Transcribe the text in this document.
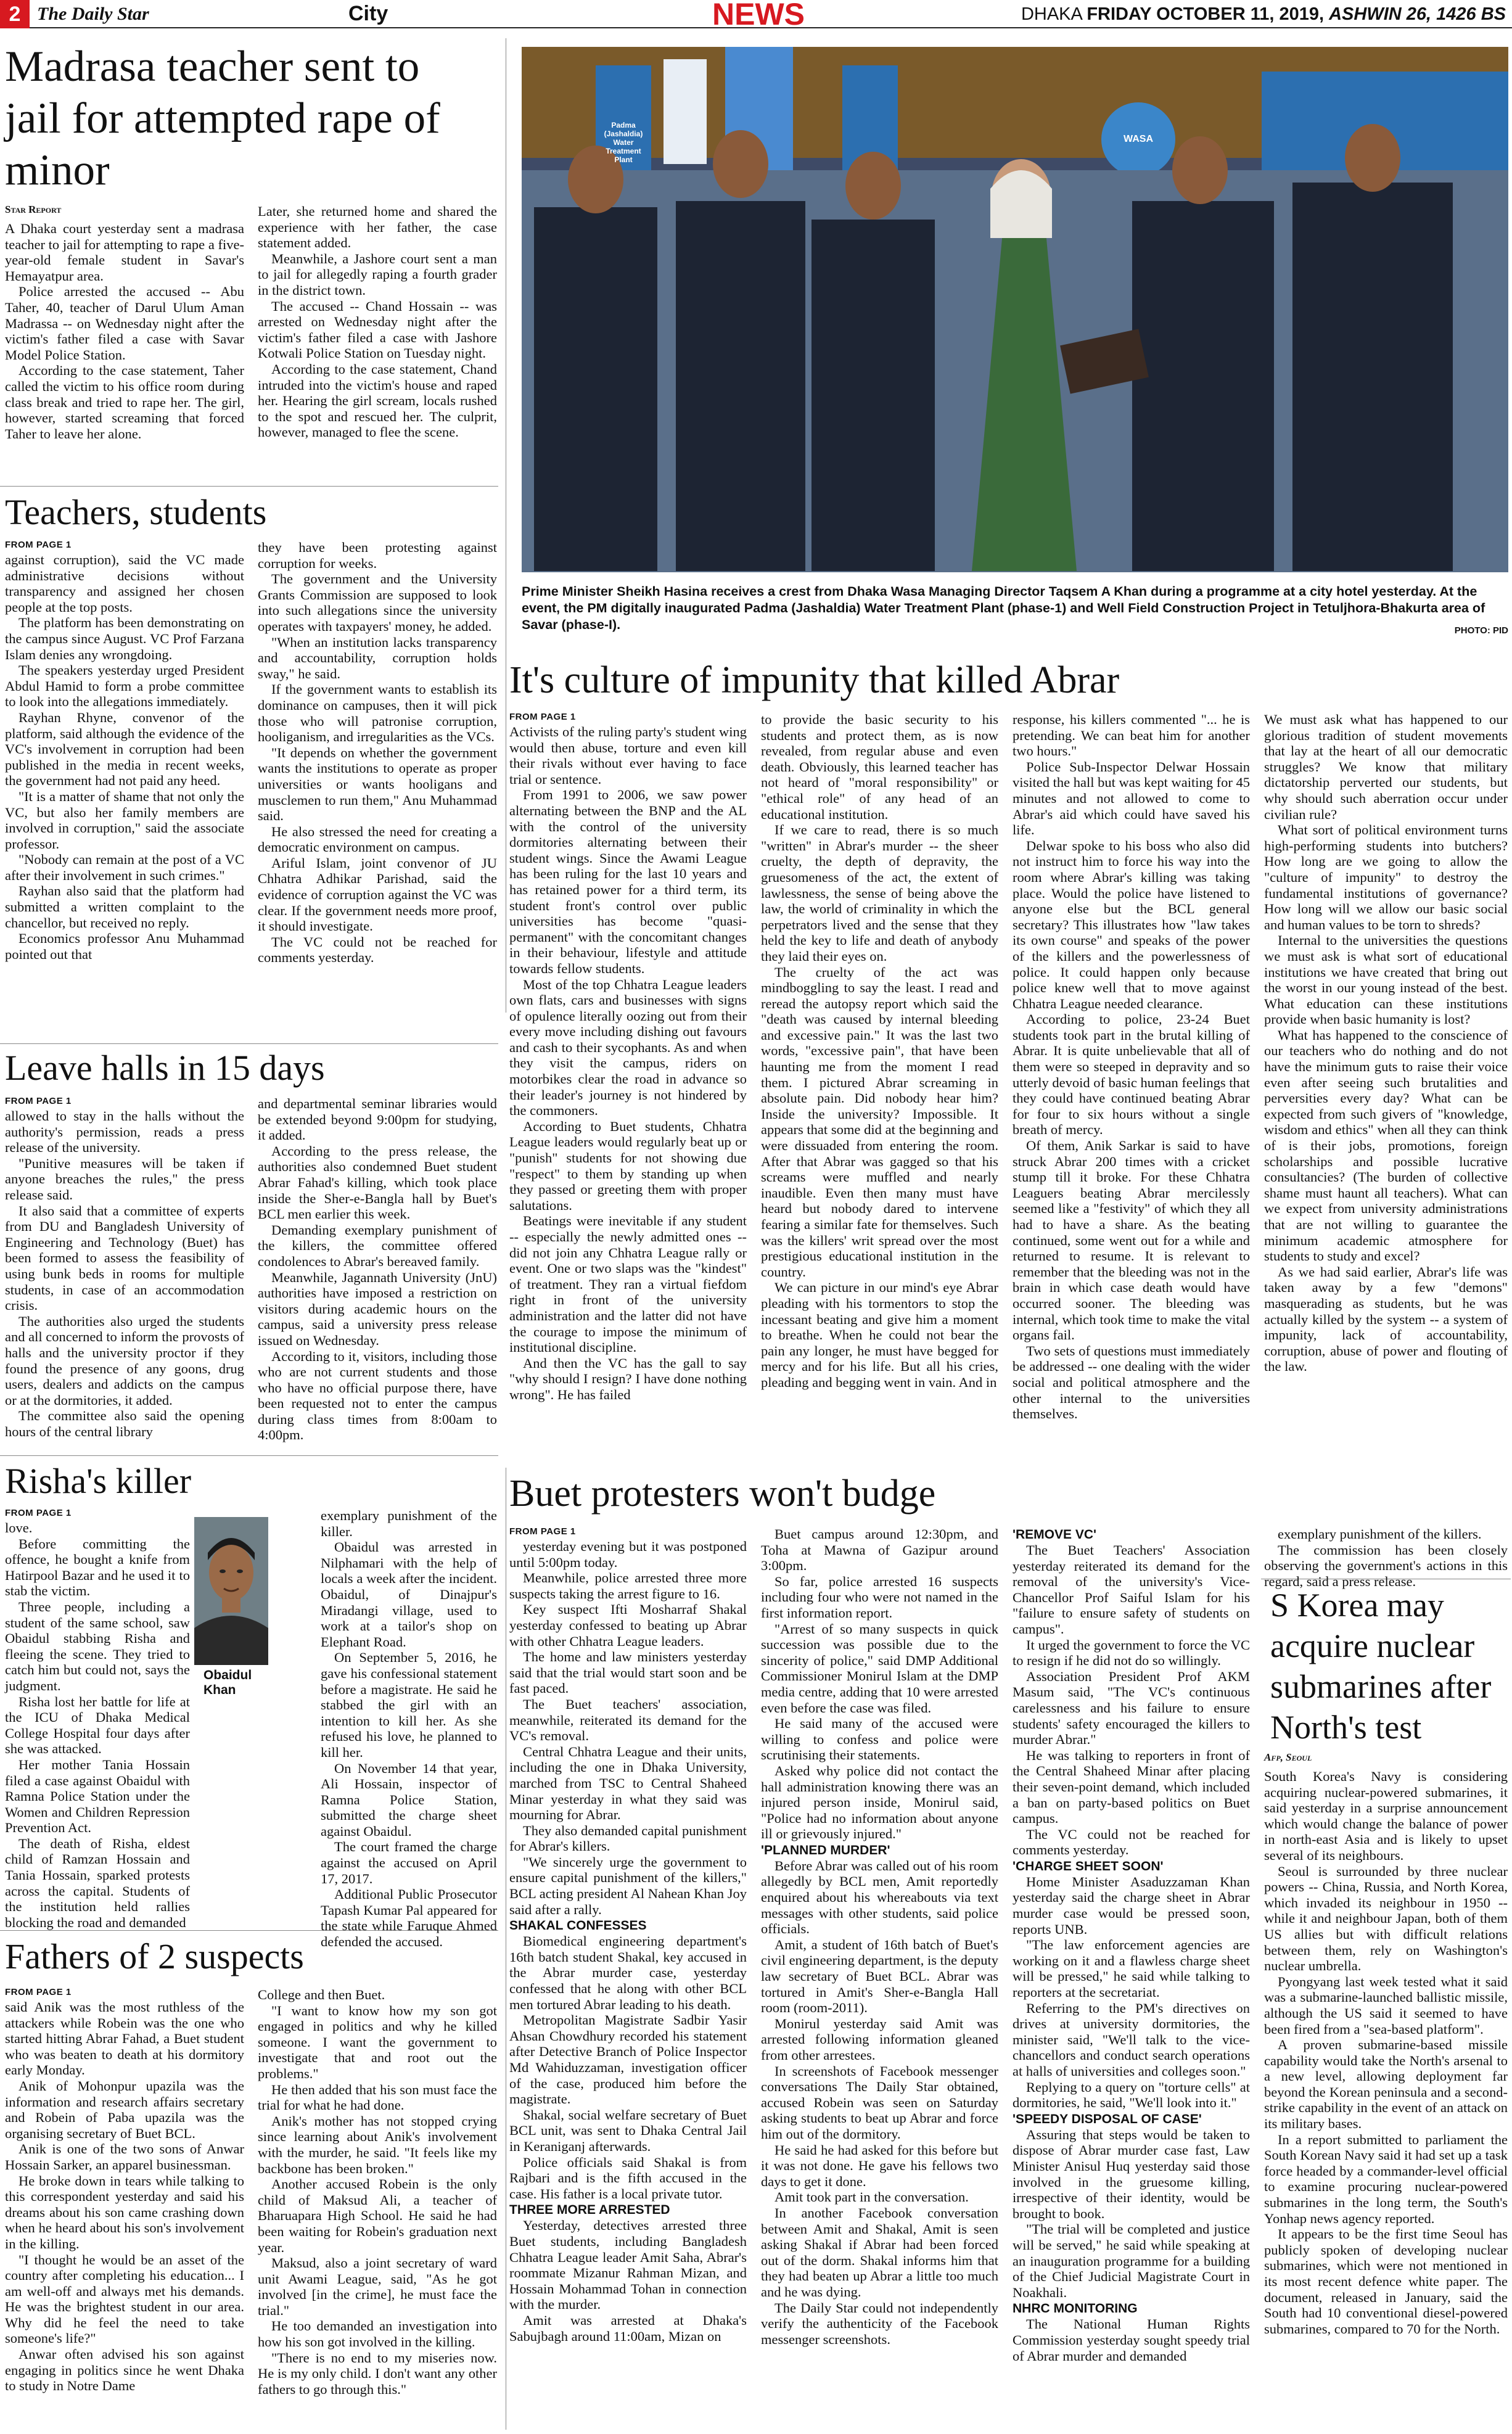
2 The Daily Star	City	NEWS	DHAKA FRIDAY OCTOBER 11, 2019, ASHWIN 26, 1426 BS
Madrasa teacher sent to jail for attempted rape of minor
Star Report

A Dhaka court yesterday sent a madrasa teacher to jail for attempting to rape a five-year-old female student in Savar's Hemayatpur area.

Police arrested the accused -- Abu Taher, 40, teacher of Darul Ulum Aman Madrassa -- on Wednesday night after the victim's father filed a case with Savar Model Police Station.

According to the case statement, Taher called the victim to his office room during class break and tried to rape her. The girl, however, started screaming that forced Taher to leave her alone.

Later, she returned home and shared the experience with her father, the case statement added.

Meanwhile, a Jashore court sent a man to jail for allegedly raping a fourth grader in the district town.

The accused -- Chand Hossain -- was arrested on Wednesday night after the victim's father filed a case with Jashore Kotwali Police Station on Tuesday night.

According to the case statement, Chand intruded into the victim's house and raped her. Hearing the girl scream, locals rushed to the spot and rescued her. The culprit, however, managed to flee the scene.

Teachers, students
FROM PAGE 1

against corruption), said the VC made administrative decisions without transparency and assigned her chosen people at the top posts.

The platform has been demonstrating on the campus since August. VC Prof Farzana Islam denies any wrongdoing.

The speakers yesterday urged President Abdul Hamid to form a probe committee to look into the allegations immediately.

Rayhan Rhyne, convenor of the platform, said although the evidence of the VC's involvement in corruption had been published in the media in recent weeks, the government had not paid any heed.

"It is a matter of shame that not only the VC, but also her family members are involved in corruption," said the associate professor.

"Nobody can remain at the post of a VC after their involvement in such crimes."

Rayhan also said that the platform had submitted a written complaint to the chancellor, but received no reply.

Economics professor Anu Muhammad pointed out that

they have been protesting against corruption for weeks.

The government and the University Grants Commission are supposed to look into such allegations since the university operates with taxpayers' money, he added.

"When an institution lacks transparency and accountability, corruption holds sway," he said.

If the government wants to establish its dominance on campuses, then it will pick those who will patronise corruption, hooliganism, and irregularities as the VCs.

"It depends on whether the government wants the institutions to operate as proper universities or wants hooligans and musclemen to run them," Anu Muhammad said.

He also stressed the need for creating a democratic environment on campus.

Ariful Islam, joint convenor of JU Chhatra Adhikar Parishad, said the evidence of corruption against the VC was clear. If the government needs more proof, it should investigate.

The VC could not be reached for comments yesterday.

Leave halls in 15 days
FROM PAGE 1

allowed to stay in the halls without the authority's permission, reads a press release of the university.

"Punitive measures will be taken if anyone breaches the rules," the press release said.

It also said that a committee of experts from DU and Bangladesh University of Engineering and Technology (Buet) has been formed to assess the feasibility of using bunk beds in rooms for multiple students, in case of an accommodation crisis.

The authorities also urged the students and all concerned to inform the provosts of halls and the university proctor if they found the presence of any goons, drug users, dealers and addicts on the campus or at the dormitories, it added.

The committee also said the opening hours of the central library

and departmental seminar libraries would be extended beyond 9:00pm for studying, it added.

According to the press release, the authorities also condemned Buet student Abrar Fahad's killing, which took place inside the Sher-e-Bangla hall by Buet's BCL men earlier this week.

Demanding exemplary punishment of the killers, the committee offered condolences to Abrar's bereaved family.

Meanwhile, Jagannath University (JnU) authorities have imposed a restriction on visitors during academic hours on the campus, said a university press release issued on Wednesday.

According to it, visitors, including those who are not current students and those who have no official purpose there, have been requested not to enter the campus during class times from 8:00am to 4:00pm.

Risha's killer
Obaidul Khan
FROM PAGE 1

love.

Before committing the offence, he bought a knife from Hatirpool Bazar and he used it to stab the victim.

Three people, including a student of the same school, saw Obaidul stabbing Risha and fleeing the scene. They tried to catch him but could not, says the judgment.

Risha lost her battle for life at the ICU of Dhaka Medical College Hospital four days after she was attacked.

Her mother Tania Hossain filed a case against Obaidul with Ramna Police Station under the Women and Children Repression Prevention Act.

The death of Risha, eldest child of Ramzan Hossain and Tania Hossain, sparked protests across the capital. Students of the institution held rallies blocking the road and demanded

exemplary punishment of the killer.

Obaidul was arrested in Nilphamari with the help of locals a week after the incident. Obaidul, of Dinajpur's Miradangi village, used to work at a tailor's shop on Elephant Road.

On September 5, 2016, he gave his confessional statement before a magistrate. He said he stabbed the girl with an intention to kill her. As she refused his love, he planned to kill her.

On November 14 that year, Ali Hossain, inspector of Ramna Police Station, submitted the charge sheet against Obaidul.

The court framed the charge against the accused on April 17, 2017.

Additional Public Prosecutor Tapash Kumar Pal appeared for the state while Faruque Ahmed defended the accused.

Fathers of 2 suspects
FROM PAGE 1

said Anik was the most ruthless of the attackers while Robein was the one who started hitting Abrar Fahad, a Buet student who was beaten to death at his dormitory early Monday.

Anik of Mohonpur upazila was the information and research affairs secretary and Robein of Paba upazila was the organising secretary of Buet BCL.

Anik is one of the two sons of Anwar Hossain Sarker, an apparel businessman.

He broke down in tears while talking to this correspondent yesterday and said his dreams about his son came crashing down when he heard about his son's involvement in the killing.

"I thought he would be an asset of the country after completing his education... I am well-off and always met his demands. He was the brightest student in our area. Why did he feel the need to take someone's life?"

Anwar often advised his son against engaging in politics since he went Dhaka to study in Notre Dame

College and then Buet.

"I want to know how my son got engaged in politics and why he killed someone. I want the government to investigate that and root out the problems."

He then added that his son must face the trial for what he had done.

Anik's mother has not stopped crying since learning about Anik's involvement with the murder, he said. "It feels like my backbone has been broken."

Another accused Robein is the only child of Maksud Ali, a teacher of Bharuapara High School. He said he had been waiting for Robein's graduation next year.

Maksud, also a joint secretary of ward unit Awami League, said, "As he got involved [in the crime], he must face the trial."

He too demanded an investigation into how his son got involved in the killing.

"There is no end to my miseries now. He is my only child. I don't want any other fathers to go through this."

Padma (Jashaldia) Water Treatment Plant
WASA
Prime Minister Sheikh Hasina receives a crest from Dhaka Wasa Managing Director Taqsem A Khan during a programme at a city hotel yesterday. At the event, the PM digitally inaugurated Padma (Jashaldia) Water Treatment Plant (phase-1) and Well Field Construction Project in Tetuljhora-Bhakurta area of Savar (phase-I).	PHOTO: PID
It's culture of impunity that killed Abrar
FROM PAGE 1

Activists of the ruling party's student wing would then abuse, torture and even kill their rivals without ever having to face trial or sentence.

From 1991 to 2006, we saw power alternating between the BNP and the AL with the control of the university dormitories alternating between their student wings. Since the Awami League has been ruling for the last 10 years and has retained power for a third term, its student front's control over public universities has become "quasi-permanent" with the concomitant changes in their behaviour, lifestyle and attitude towards fellow students.

Most of the top Chhatra League leaders own flats, cars and businesses with signs of opulence literally oozing out from their every move including dishing out favours and cash to their sycophants. As and when they visit the campus, riders on motorbikes clear the road in advance so their leader's journey is not hindered by the commoners.

According to Buet students, Chhatra League leaders would regularly beat up or "punish" students for not showing due "respect" to them by standing up when they passed or greeting them with proper salutations.

Beatings were inevitable if any student -- especially the newly admitted ones -- did not join any Chhatra League rally or event. One or two slaps was the "kindest" of treatment. They ran a virtual fiefdom right in front of the university administration and the latter did not have the courage to impose the minimum of institutional discipline.

And then the VC has the gall to say "why should I resign? I have done nothing wrong". He has failed

to provide the basic security to his students and protect them, as is now revealed, from regular abuse and even death. Obviously, this learned teacher has not heard of "moral responsibility" or "ethical role" of any head of an educational institution.

If we care to read, there is so much "written" in Abrar's murder -- the sheer cruelty, the depth of depravity, the gruesomeness of the act, the extent of lawlessness, the sense of being above the law, the world of criminality in which the perpetrators lived and the sense that they held the key to life and death of anybody they laid their eyes on.

The cruelty of the act was mindboggling to say the least. I read and reread the autopsy report which said the "death was caused by internal bleeding and excessive pain." It was the last two words, "excessive pain", that have been haunting me from the moment I read them. I pictured Abrar screaming in absolute pain. Did nobody hear him? Inside the university? Impossible. It appears that some did at the beginning and were dissuaded from entering the room. After that Abrar was gagged so that his screams were muffled and nearly inaudible. Even then many must have heard but nobody dared to intervene fearing a similar fate for themselves. Such was the killers' writ spread over the most prestigious educational institution in the country.

We can picture in our mind's eye Abrar pleading with his tormentors to stop the incessant beating and give him a moment to breathe. When he could not bear the pain any longer, he must have begged for mercy and for his life. But all his cries, pleading and begging went in vain. And in

response, his killers commented "... he is pretending. We can beat him for another two hours."

Police Sub-Inspector Delwar Hossain visited the hall but was kept waiting for 45 minutes and not allowed to come to Abrar's aid which could have saved his life.

Delwar spoke to his boss who also did not instruct him to force his way into the room where Abrar's killing was taking place. Would the police have listened to anyone else but the BCL general secretary? This illustrates how "law takes its own course" and speaks of the power of the killers and the powerlessness of police. It could happen only because police knew well that to move against Chhatra League needed clearance.

According to police, 23-24 Buet students took part in the brutal killing of Abrar. It is quite unbelievable that all of them were so steeped in depravity and so utterly devoid of basic human feelings that they could have continued beating Abrar for four to six hours without a single breath of mercy.

Of them, Anik Sarkar is said to have struck Abrar 200 times with a cricket stump till it broke. For these Chhatra Leaguers beating Abrar mercilessly seemed like a "festivity" of which they all had to have a share. As the beating continued, some went out for a while and returned to resume. It is relevant to remember that the bleeding was not in the brain in which case death would have occurred sooner. The bleeding was internal, which took time to make the vital organs fail.

Two sets of questions must immediately be addressed -- one dealing with the wider social and political atmosphere and the other internal to the universities themselves.

We must ask what has happened to our glorious tradition of student movements that lay at the heart of all our democratic struggles? We know that military dictatorship perverted our students, but why should such aberration occur under civilian rule?

What sort of political environment turns high-performing students into butchers? How long are we going to allow the "culture of impunity" to destroy the fundamental institutions of governance? How long will we allow our basic social and human values to be torn to shreds?

Internal to the universities the questions we must ask is what sort of educational institutions we have created that bring out the worst in our young instead of the best. What education can these institutions provide when basic humanity is lost?

What has happened to the conscience of our teachers who do nothing and do not have the minimum guts to raise their voice even after seeing such brutalities and perversities every day? What can be expected from such givers of "knowledge, wisdom and ethics" when all they can think of is their jobs, promotions, foreign scholarships and possible lucrative consultancies? (The burden of collective shame must haunt all teachers). What can we expect from university administrations that are not willing to guarantee the minimum academic atmosphere for students to study and excel?

As we had said earlier, Abrar's life was taken away by a few "demons" masquerading as students, but he was actually killed by the system -- a system of impunity, lack of accountability, corruption, abuse of power and flouting of the law.

Buet protesters won't budge
FROM PAGE 1

yesterday evening but it was postponed until 5:00pm today.

Meanwhile, police arrested three more suspects taking the arrest figure to 16.

Key suspect Ifti Mosharraf Shakal yesterday confessed to beating up Abrar with other Chhatra League leaders.

The home and law ministers yesterday said that the trial would start soon and be fast paced.

The Buet teachers' association, meanwhile, reiterated its demand for the VC's removal.

Central Chhatra League and their units, including the one in Dhaka University, marched from TSC to Central Shaheed Minar yesterday in what they said was mourning for Abrar.

They also demanded capital punishment for Abrar's killers.

"We sincerely urge the government to ensure capital punishment of the killers," BCL acting president Al Nahean Khan Joy said after a rally.

SHAKAL CONFESSES

Biomedical engineering department's 16th batch student Shakal, key accused in the Abrar murder case, yesterday confessed that he along with other BCL men tortured Abrar leading to his death.

Metropolitan Magistrate Sadbir Yasir Ahsan Chowdhury recorded his statement after Detective Branch of Police Inspector Md Wahiduzzaman, investigation officer of the case, produced him before the magistrate.

Shakal, social welfare secretary of Buet BCL unit, was sent to Dhaka Central Jail in Keraniganj afterwards.

Police officials said Shakal is from Rajbari and is the fifth accused in the case. His father is a local private tutor.

THREE MORE ARRESTED

Yesterday, detectives arrested three Buet students, including Bangladesh Chhatra League leader Amit Saha, Abrar's roommate Mizanur Rahman Mizan, and Hossain Mohammad Tohan in connection with the murder.

Amit was arrested at Dhaka's Sabujbagh around 11:00am, Mizan on

Buet campus around 12:30pm, and Toha at Mawna of Gazipur around 3:00pm.

So far, police arrested 16 suspects including four who were not named in the first information report.

"Arrest of so many suspects in quick succession was possible due to the sincerity of police," said DMP Additional Commissioner Monirul Islam at the DMP media centre, adding that 10 were arrested even before the case was filed.

He said many of the accused were willing to confess and police were scrutinising their statements.

Asked why police did not contact the hall administration knowing there was an injured person inside, Monirul said, "Police had no information about anyone ill or grievously injured."

'PLANNED MURDER'

Before Abrar was called out of his room allegedly by BCL men, Amit reportedly enquired about his whereabouts via text messages with other students, said police officials.

Amit, a student of 16th batch of Buet's civil engineering department, is the deputy law secretary of Buet BCL. Abrar was tortured in Amit's Sher-e-Bangla Hall room (room-2011).

Monirul yesterday said Amit was arrested following information gleaned from other arrestees.

In screenshots of Facebook messenger conversations The Daily Star obtained, accused Robein was seen on Saturday asking students to beat up Abrar and force him out of the dormitory.

He said he had asked for this before but it was not done. He gave his fellows two days to get it done.

Amit took part in the conversation.

In another Facebook conversation between Amit and Shakal, Amit is seen asking Shakal if Abrar had been forced out of the dorm. Shakal informs him that they had beaten up Abrar a little too much and he was dying.

The Daily Star could not independently verify the authenticity of the Facebook messenger screenshots.

'REMOVE VC'

The Buet Teachers' Association yesterday reiterated its demand for the removal of the university's Vice-Chancellor Prof Saiful Islam for his "failure to ensure safety of students on campus".

It urged the government to force the VC to resign if he did not do so willingly.

Association President Prof AKM Masum said, "The VC's continuous carelessness and his failure to ensure students' safety encouraged the killers to murder Abrar."

He was talking to reporters in front of the Central Shaheed Minar after placing their seven-point demand, which included a ban on party-based politics on Buet campus.

The VC could not be reached for comments yesterday.

'CHARGE SHEET SOON'

Home Minister Asaduzzaman Khan yesterday said the charge sheet in Abrar murder case would be pressed soon, reports UNB.

"The law enforcement agencies are working on it and a flawless charge sheet will be pressed," he said while talking to reporters at the secretariat.

Referring to the PM's directives on drives at university dormitories, the minister said, "We'll talk to the vice-chancellors and conduct search operations at halls of universities and colleges soon."

Replying to a query on "torture cells" at dormitories, he said, "We'll look into it."

'SPEEDY DISPOSAL OF CASE'

Assuring that steps would be taken to dispose of Abrar murder case fast, Law Minister Anisul Huq yesterday said those involved in the gruesome killing, irrespective of their identity, would be brought to book.

"The trial will be completed and justice will be served," he said while speaking at an inauguration programme for a building of the Chief Judicial Magistrate Court in Noakhali.

NHRC MONITORING

The National Human Rights Commission yesterday sought speedy trial of Abrar murder and demanded

exemplary punishment of the killers.

The commission has been closely observing the government's actions in this regard, said a press release.

S Korea may acquire nuclear submarines after North's test
Afp, Seoul

South Korea's Navy is considering acquiring nuclear-powered submarines, it said yesterday in a surprise announcement which would change the balance of power in north-east Asia and is likely to upset several of its neighbours.

Seoul is surrounded by three nuclear powers -- China, Russia, and North Korea, which invaded its neighbour in 1950 -- while it and neighbour Japan, both of them US allies but with difficult relations between them, rely on Washington's nuclear umbrella.

Pyongyang last week tested what it said was a submarine-launched ballistic missile, although the US said it seemed to have been fired from a "sea-based platform".

A proven submarine-based missile capability would take the North's arsenal to a new level, allowing deployment far beyond the Korean peninsula and a second-strike capability in the event of an attack on its military bases.

In a report submitted to parliament the South Korean Navy said it had set up a task force headed by a commander-level official to examine procuring nuclear-powered submarines in the long term, the South's Yonhap news agency reported.

It appears to be the first time Seoul has publicly spoken of developing nuclear submarines, which were not mentioned in its most recent defence white paper. The document, released in January, said the South had 10 conventional diesel-powered submarines, compared to 70 for the North.
